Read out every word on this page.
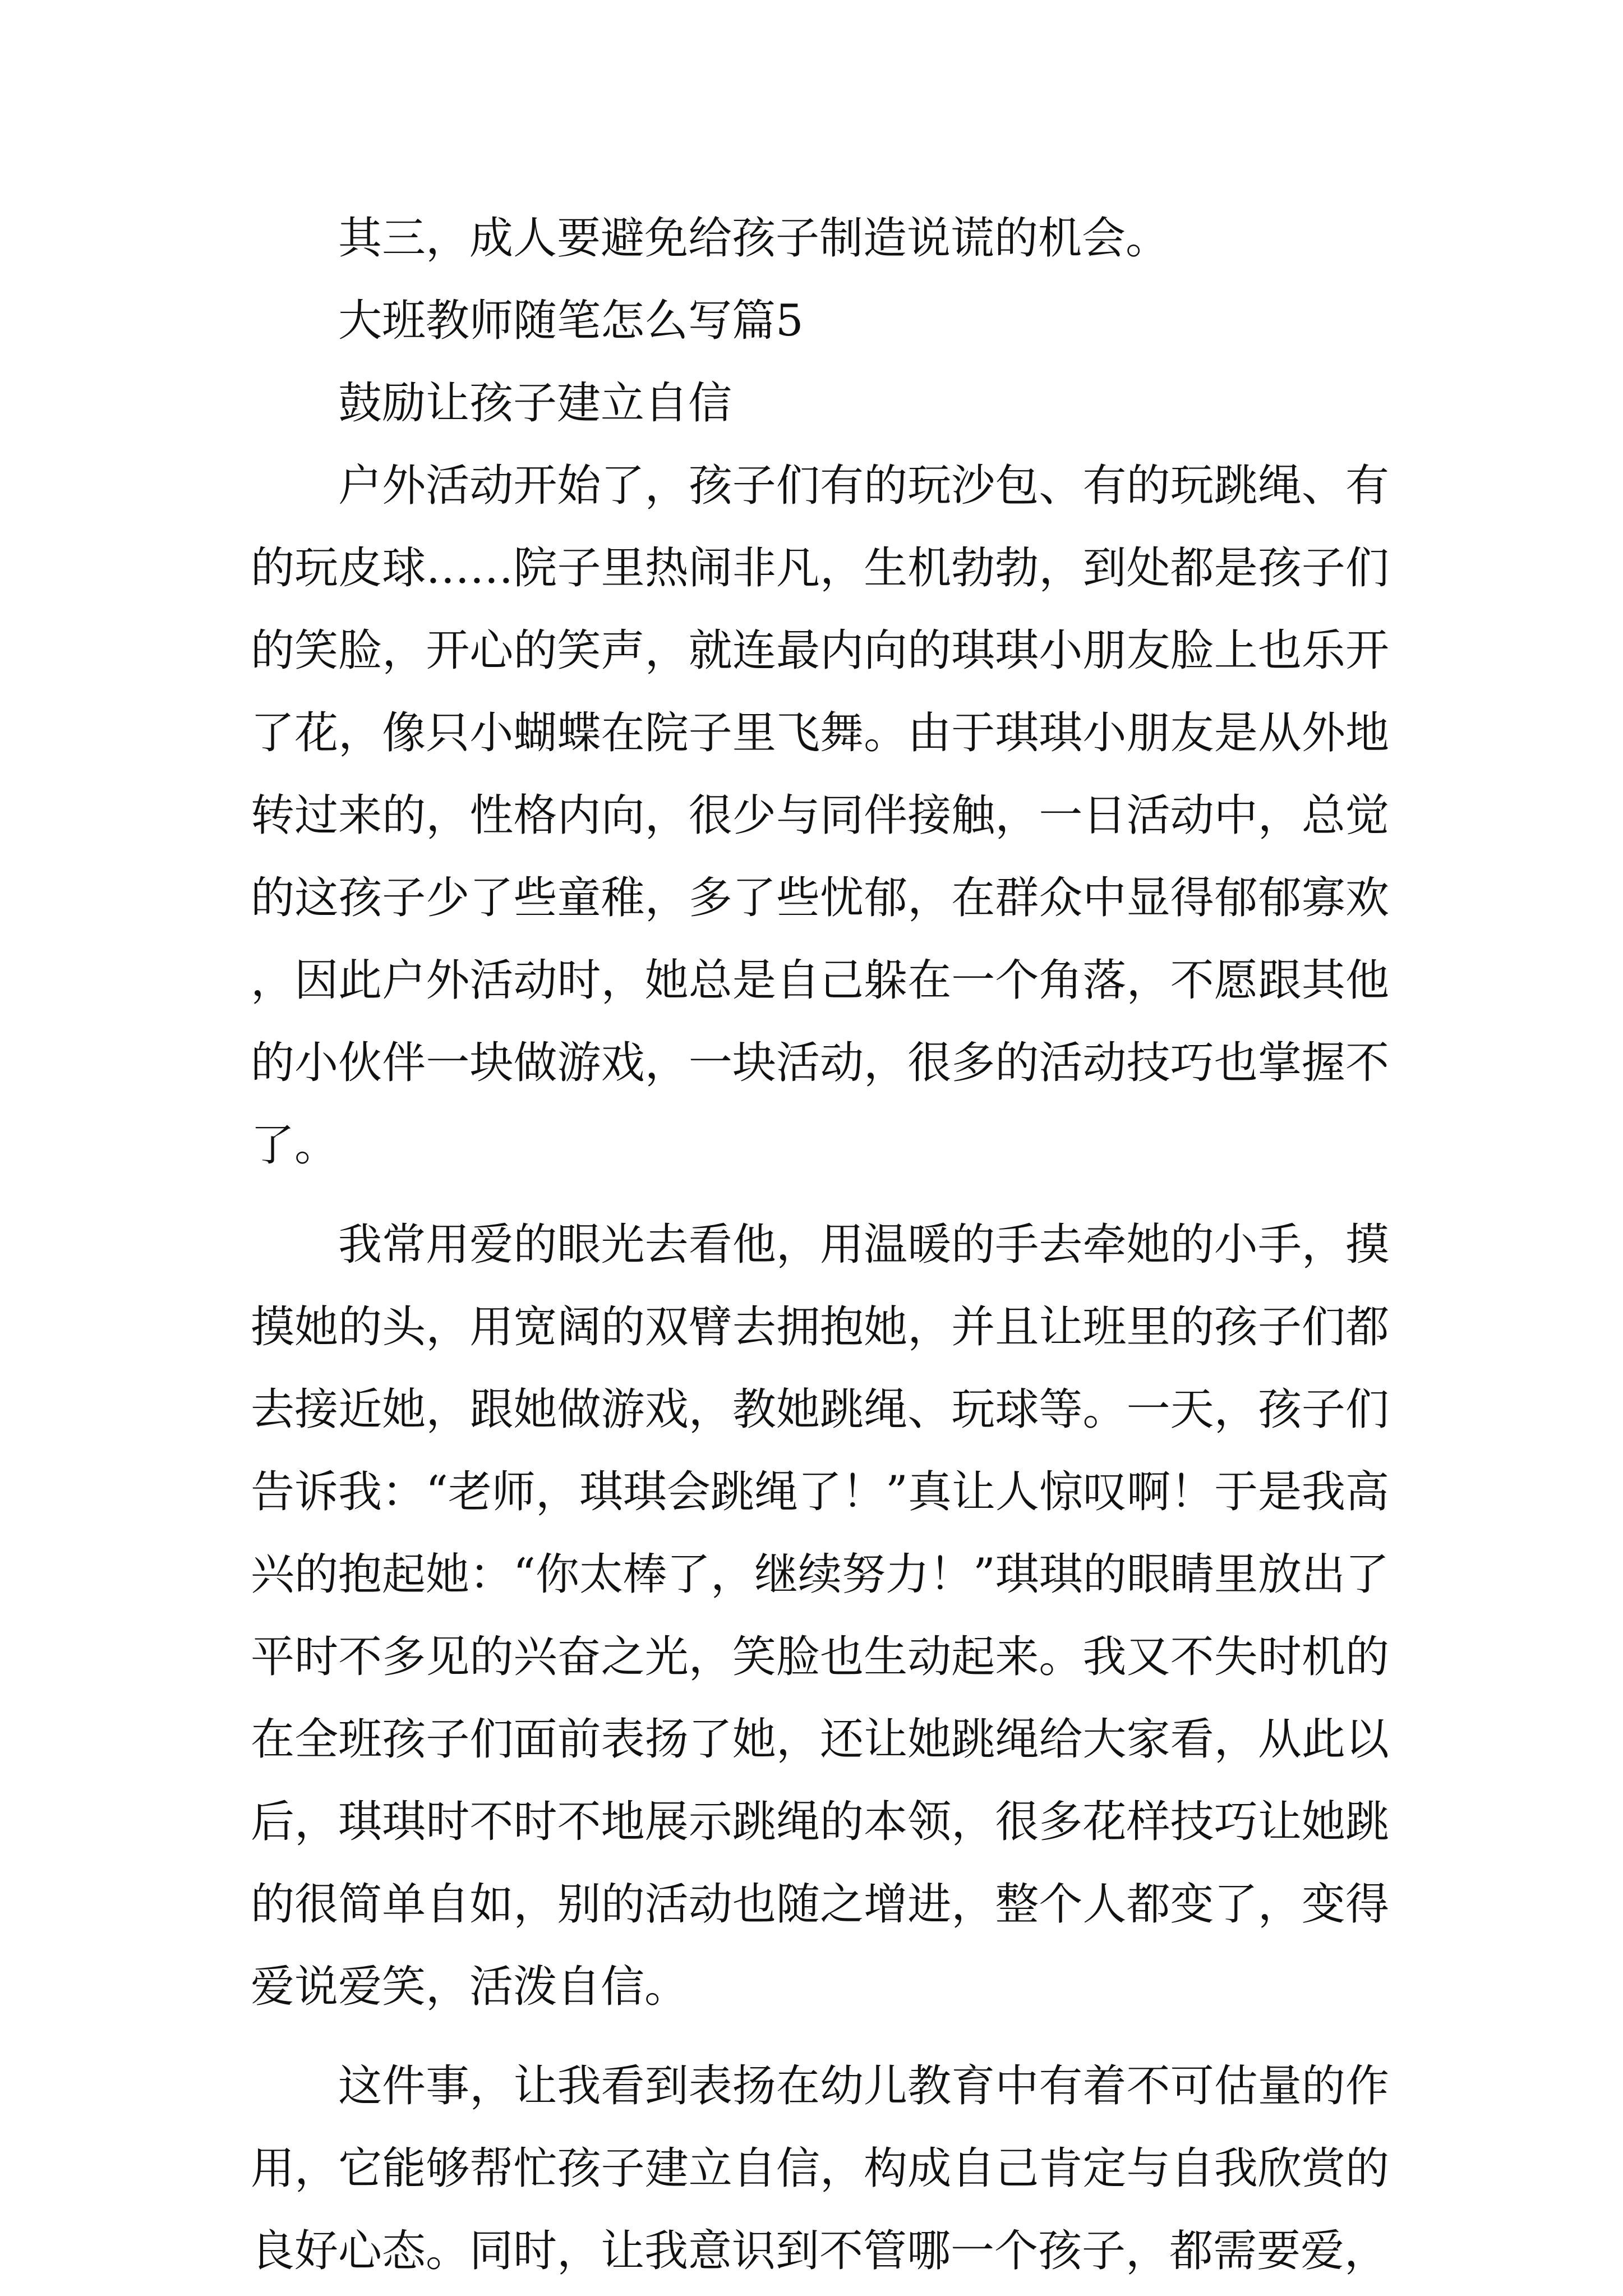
其三，成人要避免给孩子制造说谎的机会。

大班教师随笔怎么写篇5

鼓励让孩子建立自信

户外活动开始了，孩子们有的玩沙包、有的玩跳绳、有的玩皮球……院子里热闹非凡，生机勃勃，到处都是孩子们的笑脸，开心的笑声，就连最内向的琪琪小朋友脸上也乐开了花，像只小蝴蝶在院子里飞舞。由于琪琪小朋友是从外地转过来的，性格内向，很少与同伴接触，一日活动中，总觉的这孩子少了些童稚，多了些忧郁，在群众中显得郁郁寡欢，因此户外活动时，她总是自己躲在一个角落，不愿跟其他的小伙伴一块做游戏，一块活动，很多的活动技巧也掌握不了。

我常用爱的眼光去看他，用温暖的手去牵她的小手，摸摸她的头，用宽阔的双臂去拥抱她，并且让班里的孩子们都去接近她，跟她做游戏，教她跳绳、玩球等。一天，孩子们告诉我：“老师，琪琪会跳绳了！”真让人惊叹啊！于是我高兴的抱起她：“你太棒了，继续努力！”琪琪的眼睛里放出了平时不多见的兴奋之光，笑脸也生动起来。我又不失时机的在全班孩子们面前表扬了她，还让她跳绳给大家看，从此以后，琪琪时不时不地展示跳绳的本领，很多花样技巧让她跳的很简单自如，别的活动也随之增进，整个人都变了，变得爱说爱笑，活泼自信。

这件事，让我看到表扬在幼儿教育中有着不可估量的作用，它能够帮忙孩子建立自信，构成自己肯定与自我欣赏的良好心态。同时，让我意识到不管哪一个孩子，都需要爱，
